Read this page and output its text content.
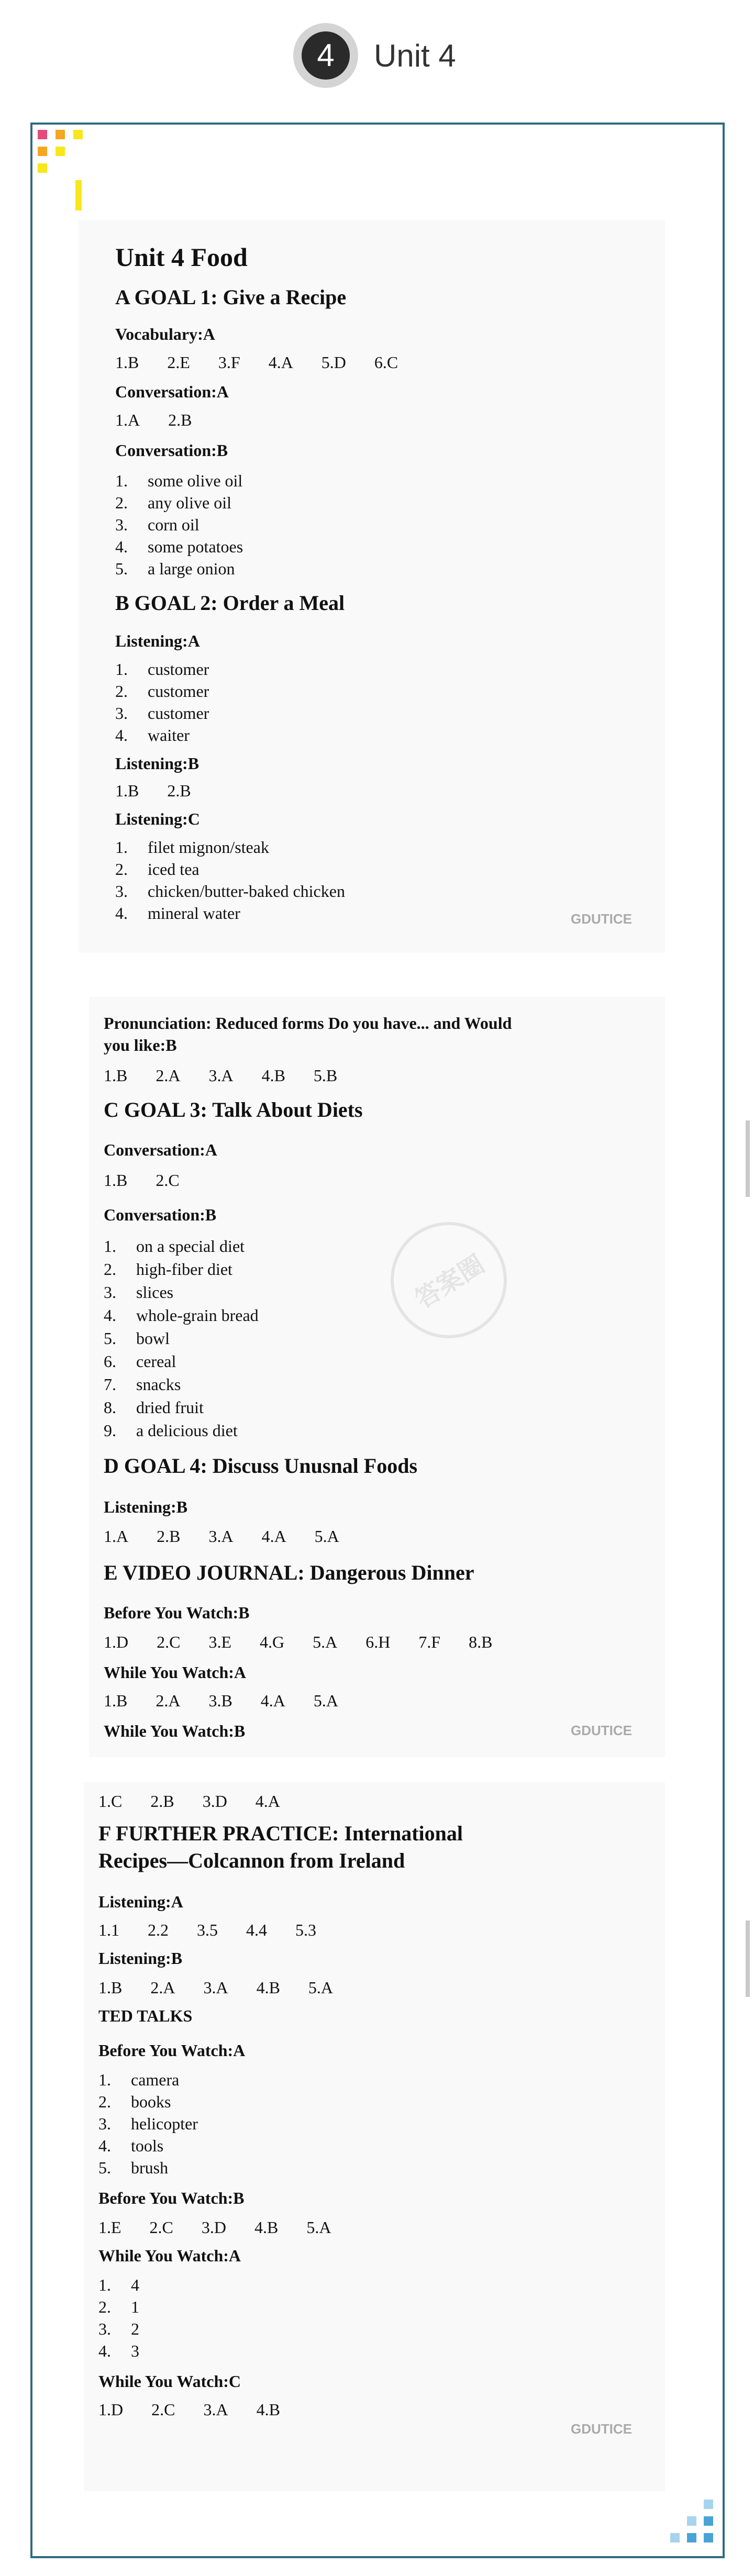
4	Unit 4
答案圈
GDUTICE
GDUTICE
GDUTICE
Unit 4 Food
A GOAL 1: Give a Recipe
Vocabulary:A
1.B 2.E 3.F 4.A 5.D 6.C
Conversation:A
1.A 2.B
Conversation:B
1. some olive oil
2. any olive oil
3. corn oil
4. some potatoes
5. a large onion
B GOAL 2: Order a Meal
Listening:A
1. customer
2. customer
3. customer
4. waiter
Listening:B
1.B 2.B
Listening:C
1. filet mignon/steak
2. iced tea
3. chicken/butter-baked chicken
4. mineral water
Pronunciation: Reduced forms Do you have... and Would
you like:B
1.B 2.A 3.A 4.B 5.B
C GOAL 3: Talk About Diets
Conversation:A
1.B 2.C
Conversation:B
1. on a special diet
2. high-fiber diet
3. slices
4. whole-grain bread
5. bowl
6. cereal
7. snacks
8. dried fruit
9. a delicious diet
D GOAL 4: Discuss Unusnal Foods
Listening:B
1.A 2.B 3.A 4.A 5.A
E VIDEO JOURNAL: Dangerous Dinner
Before You Watch:B
1.D 2.C 3.E 4.G 5.A 6.H 7.F 8.B
While You Watch:A
1.B 2.A 3.B 4.A 5.A
While You Watch:B
1.C 2.B 3.D 4.A
F FURTHER PRACTICE: International
Recipes—Colcannon from Ireland
Listening:A
1.1 2.2 3.5 4.4 5.3
Listening:B
1.B 2.A 3.A 4.B 5.A
TED TALKS
Before You Watch:A
1. camera
2. books
3. helicopter
4. tools
5. brush
Before You Watch:B
1.E 2.C 3.D 4.B 5.A
While You Watch:A
1. 4
2. 1
3. 2
4. 3
While You Watch:C
1.D 2.C 3.A 4.B
